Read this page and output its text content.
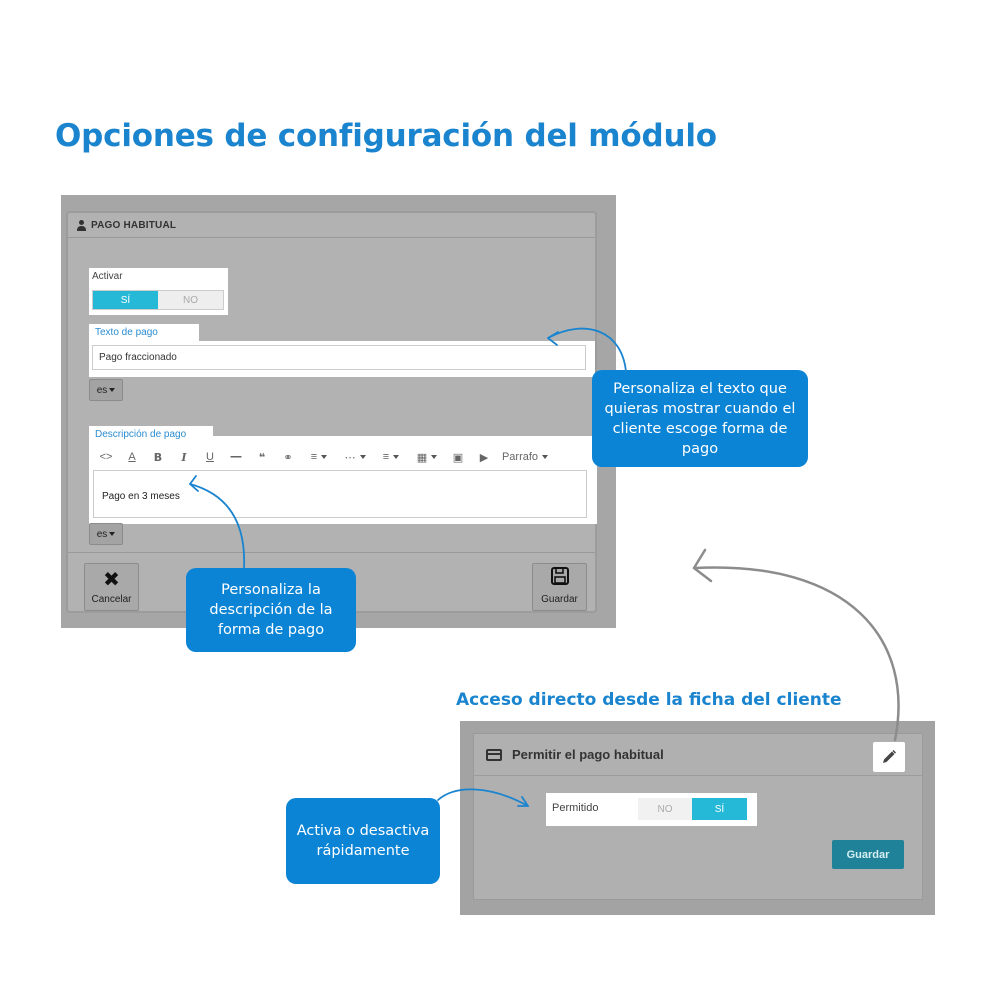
Opciones de configuración del módulo
PAGO HABITUAL
Activar
SÍ	NO
Texto de pago
Pago fraccionado
es
<>	A B I U — ❝	⚭	≡	⋯	≡	▦	▣	▶	Parrafo
Pago en 3 meses
Descripción de pago
es
✖
Cancelar	Guardar
Acceso directo desde la ficha del cliente
Permitir el pago habitual
Permitido	NO	SÍ
Guardar
Personaliza el texto que quieras mostrar cuando el cliente escoge forma de pago
Personaliza la descripción de la forma de pago
Activa o desactiva rápidamente
